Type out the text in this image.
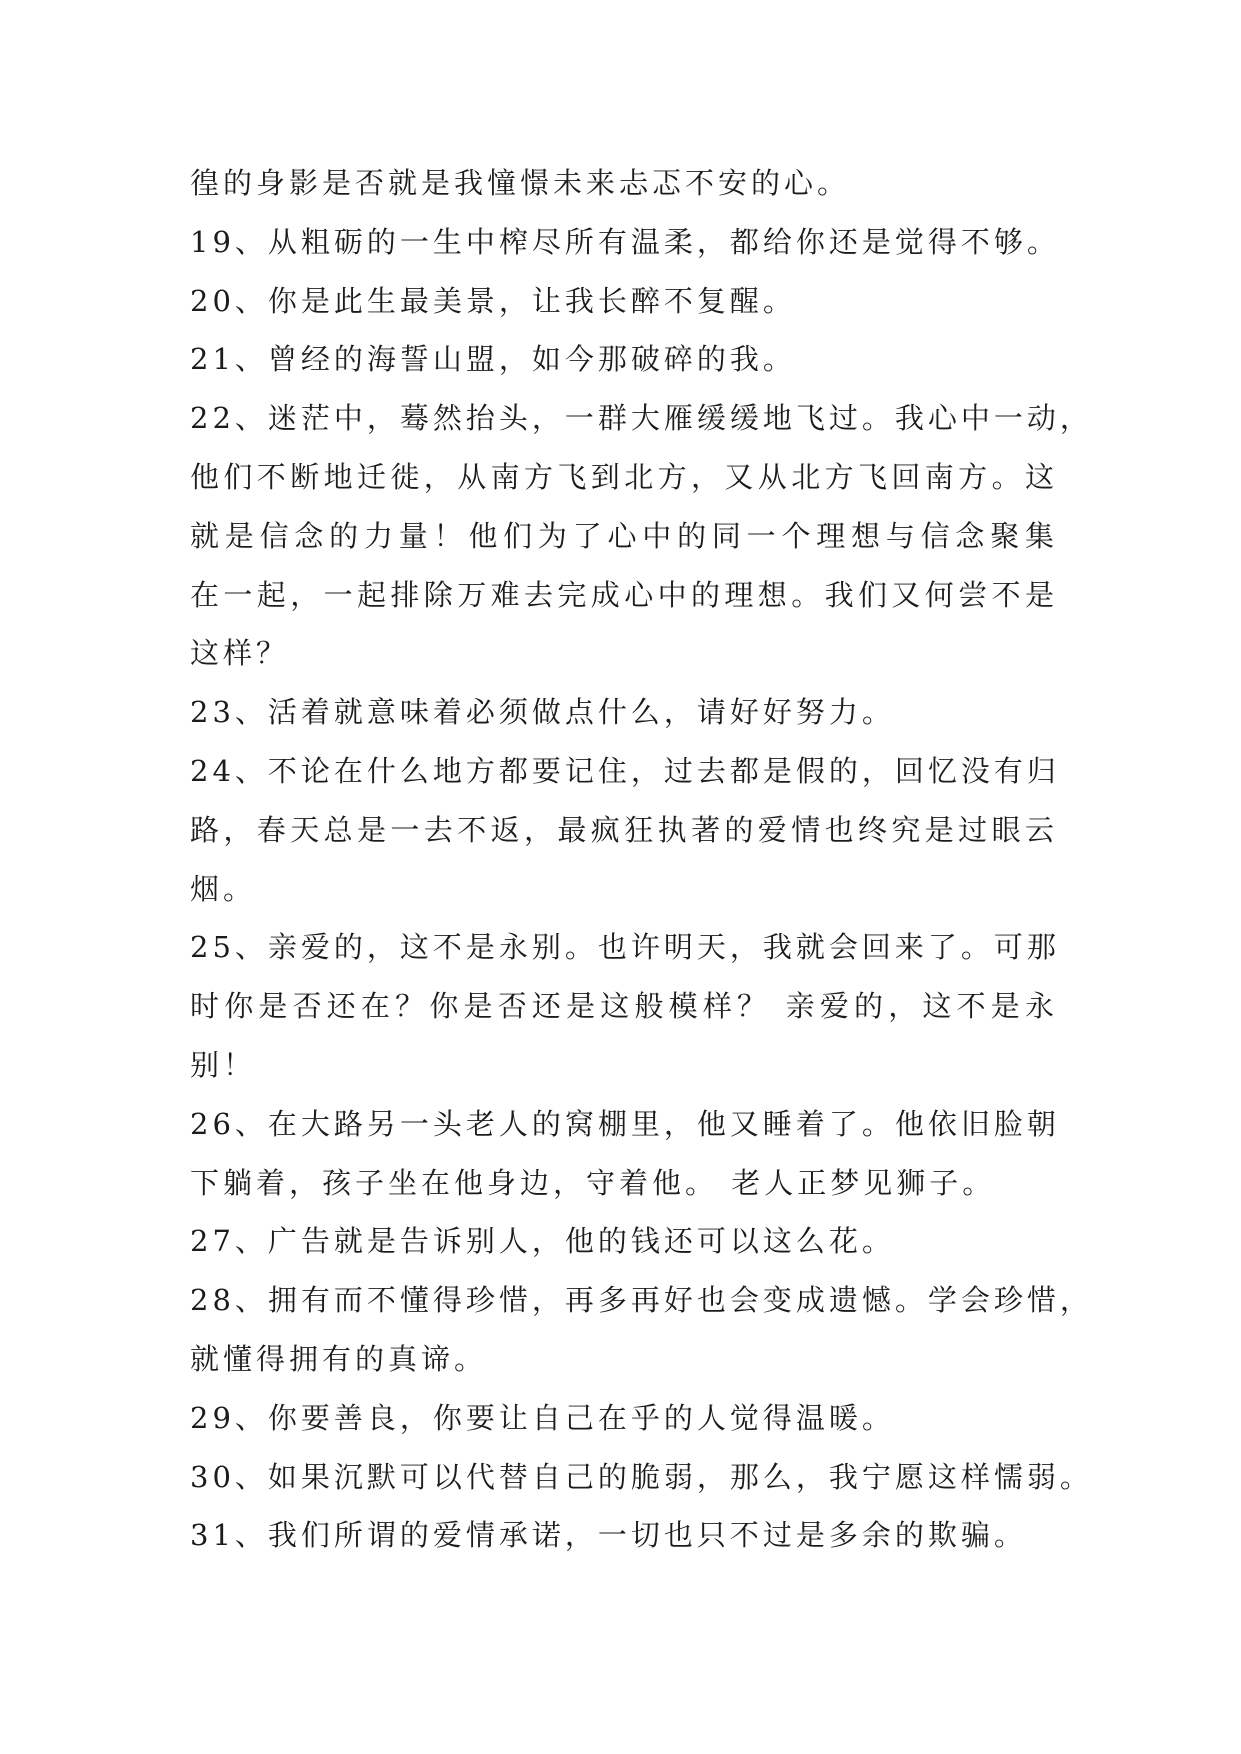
徨的身影是否就是我憧憬未来忐忑不安的心。
19、从粗砺的一生中榨尽所有温柔，都给你还是觉得不够。
20、你是此生最美景，让我长醉不复醒。
21、曾经的海誓山盟，如今那破碎的我。
22、迷茫中，蓦然抬头，一群大雁缓缓地飞过。我心中一动，
他们不断地迁徙，从南方飞到北方，又从北方飞回南方。这
就是信念的力量！他们为了心中的同一个理想与信念聚集
在一起，一起排除万难去完成心中的理想。我们又何尝不是
这样？
23、活着就意味着必须做点什么，请好好努力。
24、不论在什么地方都要记住，过去都是假的，回忆没有归
路，春天总是一去不返，最疯狂执著的爱情也终究是过眼云
烟。
25、亲爱的，这不是永别。也许明天，我就会回来了。可那
时你是否还在？你是否还是这般模样？ 亲爱的，这不是永
别！
26、在大路另一头老人的窝棚里，他又睡着了。他依旧脸朝
下躺着，孩子坐在他身边，守着他。 老人正梦见狮子。
27、广告就是告诉别人，他的钱还可以这么花。
28、拥有而不懂得珍惜，再多再好也会变成遗憾。学会珍惜，
就懂得拥有的真谛。
29、你要善良，你要让自己在乎的人觉得温暖。
30、如果沉默可以代替自己的脆弱，那么，我宁愿这样懦弱。
31、我们所谓的爱情承诺，一切也只不过是多余的欺骗。
